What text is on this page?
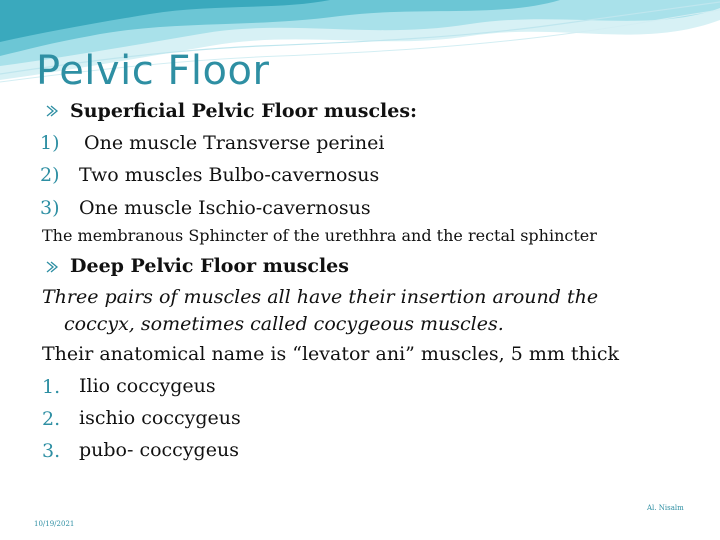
Pelvic Floor
Superficial Pelvic Floor muscles:
1) One muscle Transverse perinei
2) Two muscles Bulbo-cavernosus
3) One muscle Ischio-cavernosus
The membranous Sphincter of the urethhra and the rectal sphincter
Deep Pelvic Floor muscles
Three pairs of muscles all have their insertion around the
coccyx, sometimes called cocygeous muscles.
Their anatomical name is “levator ani” muscles, 5 mm thick
1. Ilio coccygeus
2. ischio coccygeus
3. pubo- coccygeus
Al. Nisalm
10/19/2021
